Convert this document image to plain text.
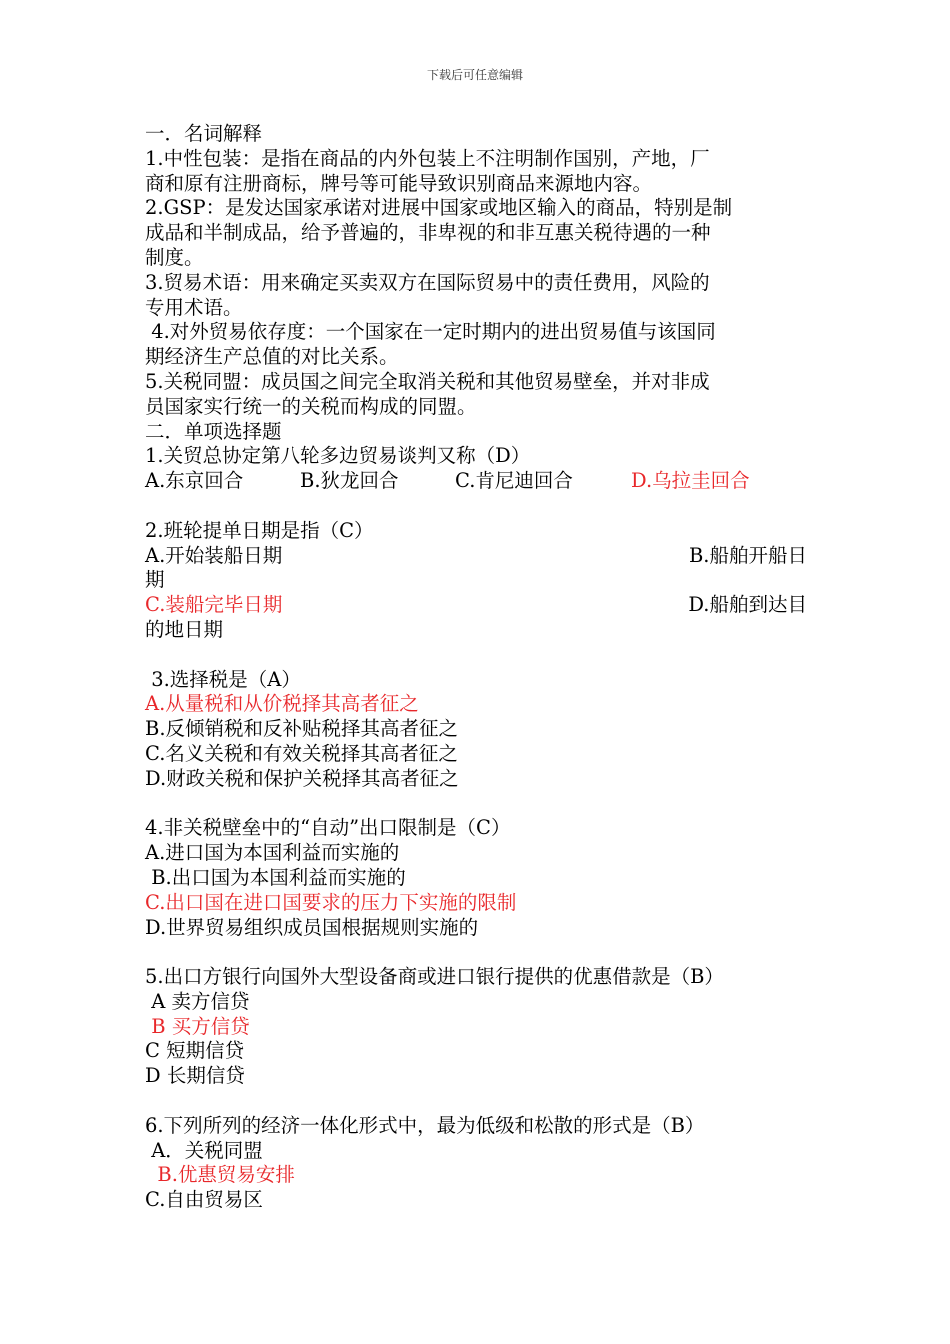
下载后可任意编辑
一．名词解释
1.中性包装：是指在商品的内外包装上不注明制作国别，产地，厂
商和原有注册商标，牌号等可能导致识别商品来源地内容。
2.GSP：是发达国家承诺对进展中国家或地区输入的商品，特别是制
成品和半制成品，给予普遍的，非卑视的和非互惠关税待遇的一种
制度。
3.贸易术语：用来确定买卖双方在国际贸易中的责任费用，风险的
专用术语。
4.对外贸易依存度：一个国家在一定时期内的进出贸易值与该国同
期经济生产总值的对比关系。
5.关税同盟：成员国之间完全取消关税和其他贸易壁垒，并对非成
员国家实行统一的关税而构成的同盟。
二．单项选择题
1.关贸总协定第八轮多边贸易谈判又称（D）
A.东京回合	B.狄龙回合	C.肯尼迪回合	D.乌拉圭回合
2.班轮提单日期是指（C）
A.开始装船日期	B.船舶开船日
期
C.装船完毕日期	D.船舶到达目
的地日期
3.选择税是（A）
A.从量税和从价税择其高者征之
B.反倾销税和反补贴税择其高者征之
C.名义关税和有效关税择其高者征之
D.财政关税和保护关税择其高者征之
4.非关税壁垒中的“自动”出口限制是（C）
A.进口国为本国利益而实施的
B.出口国为本国利益而实施的
C.出口国在进口国要求的压力下实施的限制
D.世界贸易组织成员国根据规则实施的
5.出口方银行向国外大型设备商或进口银行提供的优惠借款是（B）
A 卖方信贷
B 买方信贷
C 短期信贷
D 长期信贷
6.下列所列的经济一体化形式中，最为低级和松散的形式是（B）
A．关税同盟
B.优惠贸易安排
C.自由贸易区
